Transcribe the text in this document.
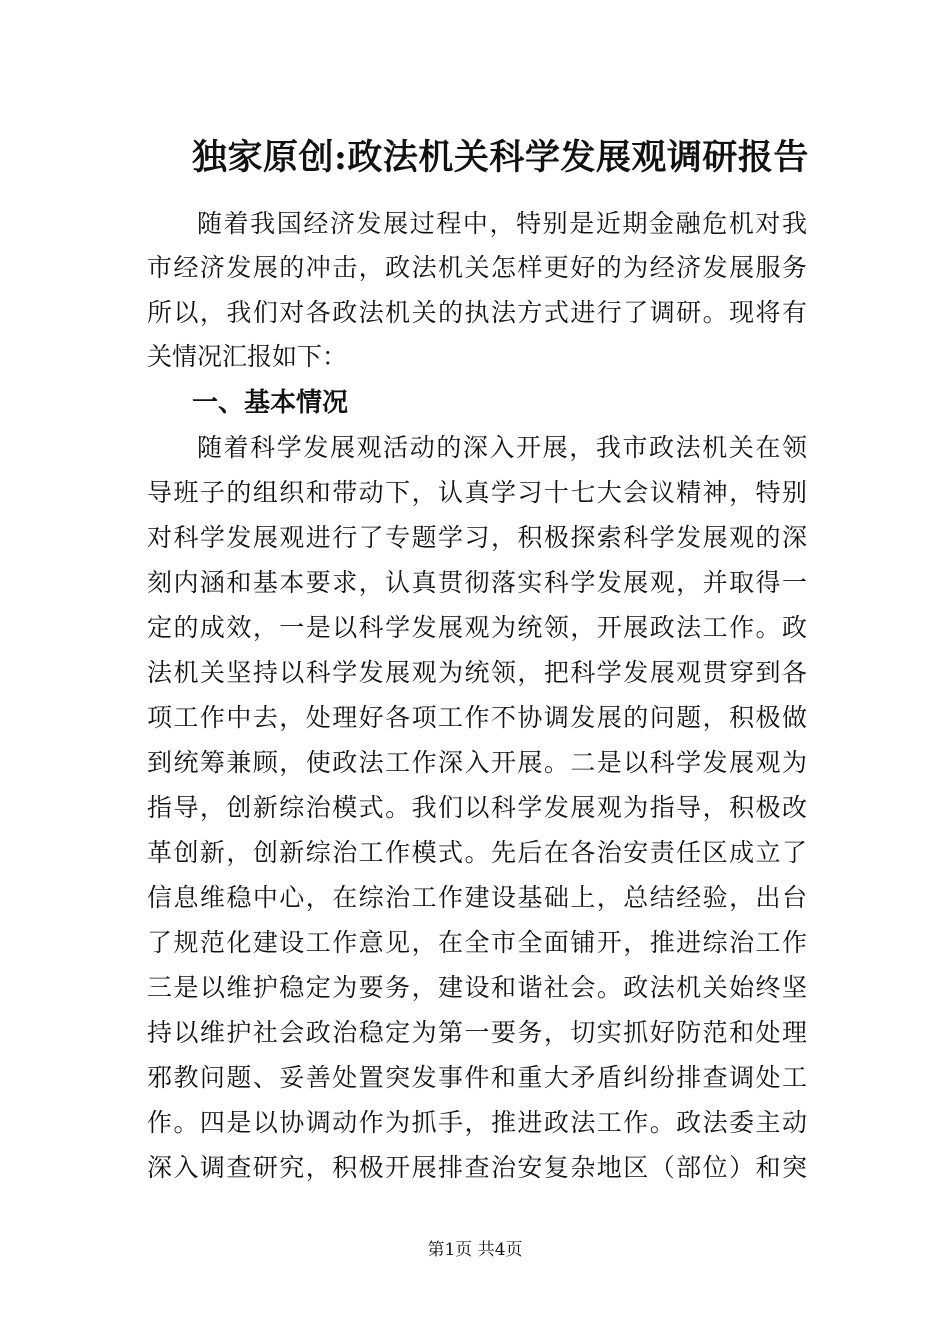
独家原创:政法机关科学发展观调研报告
随着我国经济发展过程中，特别是近期金融危机对我
市经济发展的冲击，政法机关怎样更好的为经济发展服务
所以，我们对各政法机关的执法方式进行了调研。现将有
关情况汇报如下：
一、基本情况
随着科学发展观活动的深入开展，我市政法机关在领
导班子的组织和带动下，认真学习十七大会议精神，特别
对科学发展观进行了专题学习，积极探索科学发展观的深
刻内涵和基本要求，认真贯彻落实科学发展观，并取得一
定的成效，一是以科学发展观为统领，开展政法工作。政
法机关坚持以科学发展观为统领，把科学发展观贯穿到各
项工作中去，处理好各项工作不协调发展的问题，积极做
到统筹兼顾，使政法工作深入开展。二是以科学发展观为
指导，创新综治模式。我们以科学发展观为指导，积极改
革创新，创新综治工作模式。先后在各治安责任区成立了
信息维稳中心，在综治工作建设基础上，总结经验，出台
了规范化建设工作意见，在全市全面铺开，推进综治工作
三是以维护稳定为要务，建设和谐社会。政法机关始终坚
持以维护社会政治稳定为第一要务，切实抓好防范和处理
邪教问题、妥善处置突发事件和重大矛盾纠纷排查调处工
作。四是以协调动作为抓手，推进政法工作。政法委主动
深入调查研究，积极开展排查治安复杂地区（部位）和突
第1页 共4页
